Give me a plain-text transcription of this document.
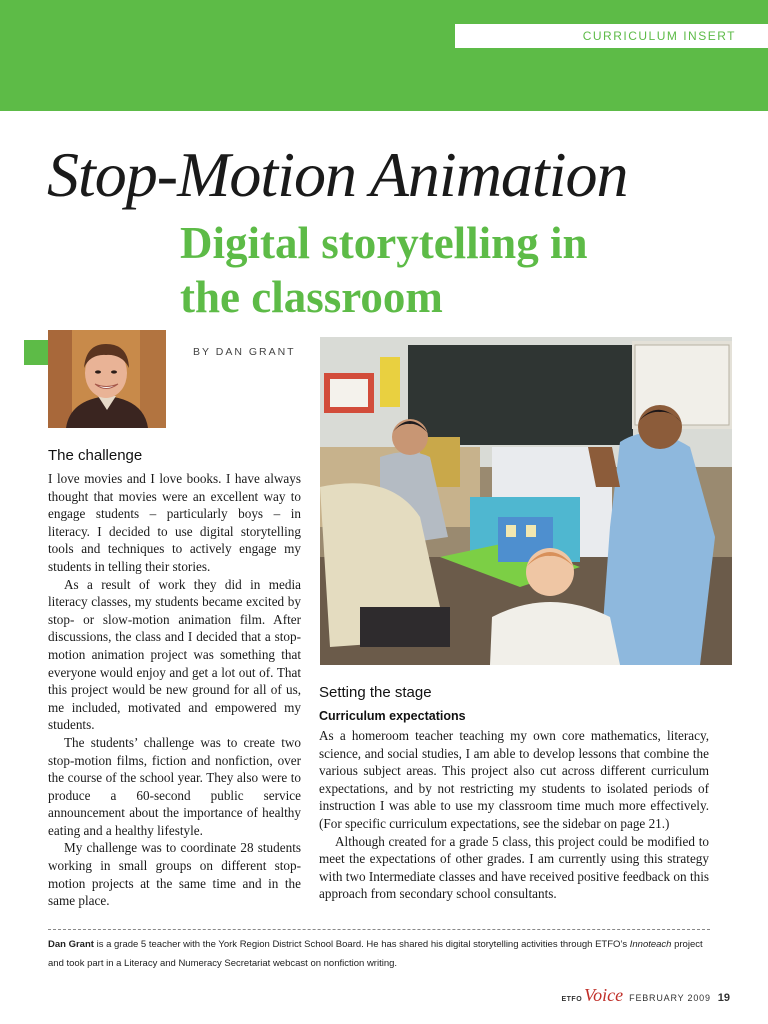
CURRICULUM INSERT
Stop-Motion Animation
Digital storytelling in
the classroom
BY DAN GRANT
The challenge

I love movies and I love books. I have always thought that movies were an excellent way to engage students – particularly boys – in literacy. I decided to use digital storytelling tools and techniques to actively engage my students in telling their stories.

As a result of work they did in media literacy classes, my students became excited by stop- or slow-motion animation film. After discussions, the class and I decided that a stop-motion animation project was something that everyone would enjoy and get a lot out of. That this project would be new ground for all of us, me included, motivated and empowered my students.

The students’ challenge was to create two stop-motion films, fiction and nonfiction, over the course of the school year. They also were to produce a 60-second public service announcement about the importance of healthy eating and a healthy lifestyle.

My challenge was to coordinate 28 students working in small groups on different stop-motion projects at the same time and in the same place.

Setting the stage
Curriculum expectations

As a homeroom teacher teaching my own core mathematics, literacy, science, and social studies, I am able to develop lessons that combine the various subject areas. This project also cut across different curriculum expectations, and by not restricting my students to isolated periods of instruction I was able to use my classroom time much more effectively. (For specific curriculum expectations, see the sidebar on page 21.)

Although created for a grade 5 class, this project could be modified to meet the expectations of other grades. I am currently using this strategy with two Intermediate classes and have received positive feedback on this approach from secondary school consultants.

Dan Grant is a grade 5 teacher with the York Region District School Board. He has shared his digital storytelling activities through ETFO’s Innoteach project and took part in a Literacy and Numeracy Secretariat webcast on nonfiction writing.
ETFO Voice FEBRUARY 2009 19
